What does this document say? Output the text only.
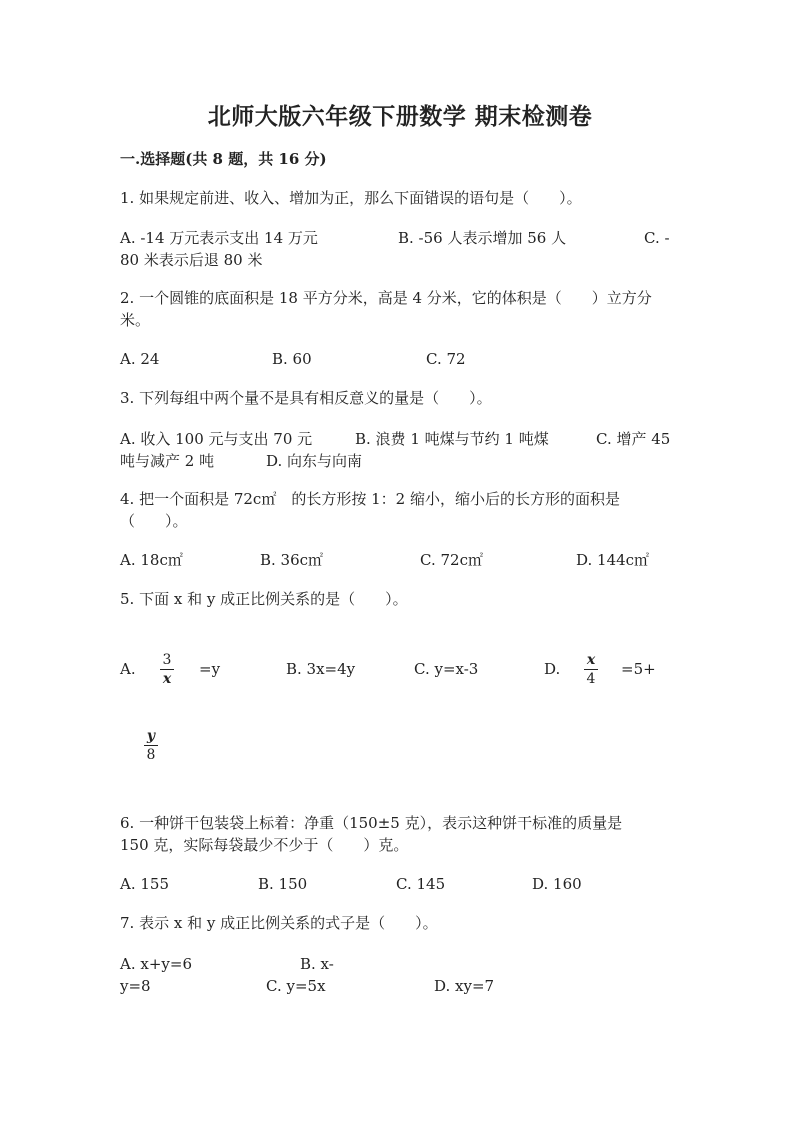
北师大版六年级下册数学 期末检测卷
一.选择题(共 8 题，共 16 分)
1. 如果规定前进、收入、增加为正，那么下面错误的语句是（　　）。
A. -14 万元表示支出 14 万元	B. -56 人表示增加 56 人	C. -
80 米表示后退 80 米
2. 一个圆锥的底面积是 18 平方分米，高是 4 分米，它的体积是（　　）立方分
米。
A. 24	B. 60	C. 72
3. 下列每组中两个量不是具有相反意义的量是（　　）。
A. 收入 100 元与支出 70 元	B. 浪费 1 吨煤与节约 1 吨煤	C. 增产 45
吨与减产 2 吨	D. 向东与向南
4. 把一个面积是 72c㎡　的长方形按 1：2 缩小，缩小后的长方形的面积是
（　　）。
A. 18c㎡	B. 36c㎡	C. 72c㎡	D. 144c㎡
5. 下面 x 和 y 成正比例关系的是（　　）。
A. 3
x
=y	B. 3x=4y	C. y=x-3	D. x
4
=5+
y
8
6. 一种饼干包装袋上标着：净重（150±5 克），表示这种饼干标准的质量是
150 克，实际每袋最少不少于（　　）克。
A. 155	B. 150	C. 145	D. 160
7. 表示 x 和 y 成正比例关系的式子是（　　）。
A. x+y=6	B. x-
y=8	C. y=5x	D. xy=7
